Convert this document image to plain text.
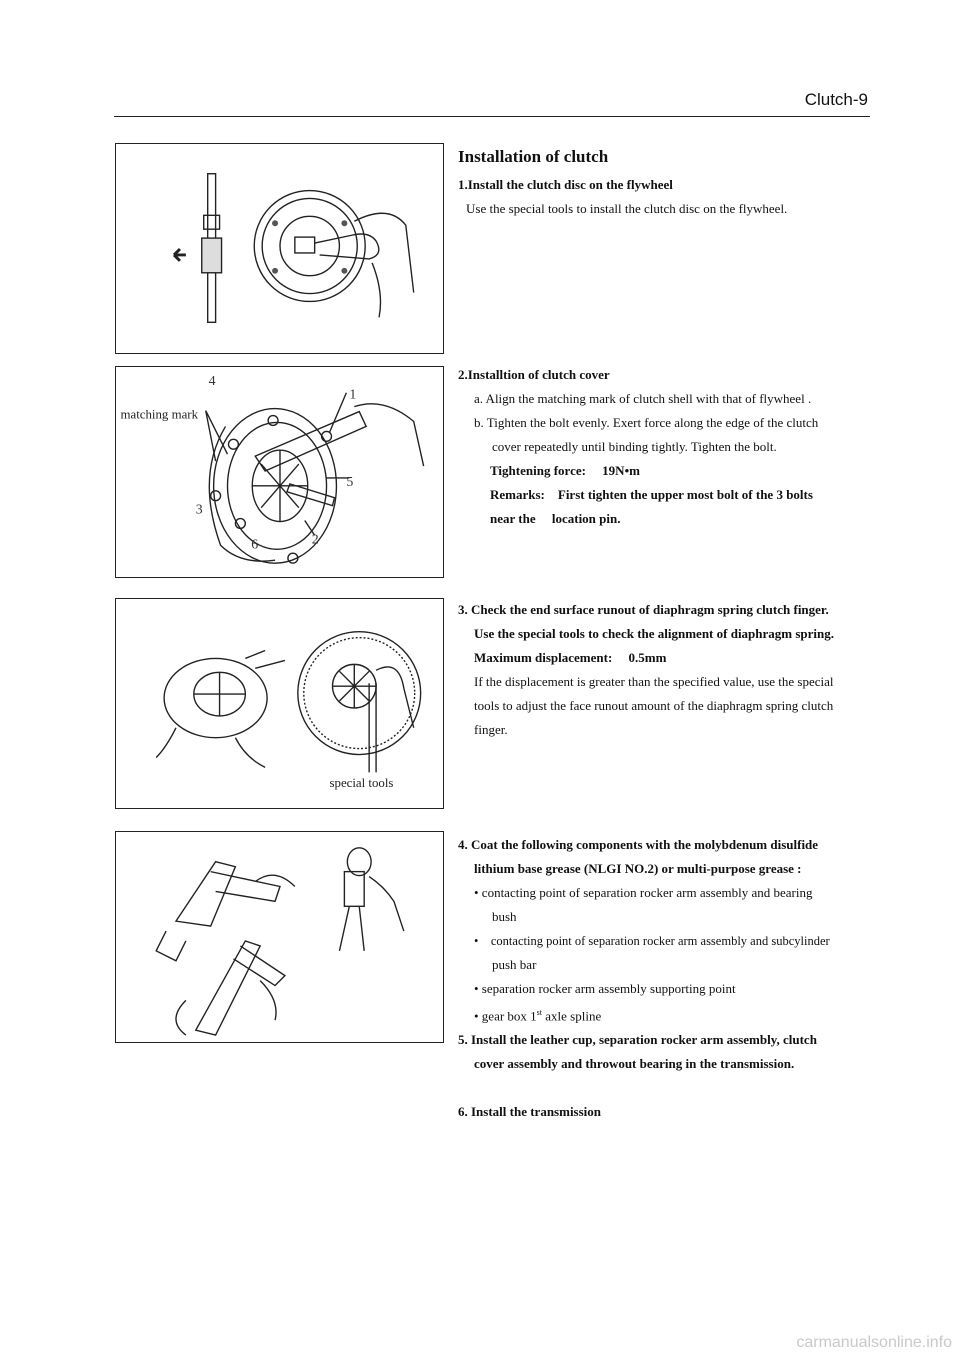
Clutch-9
Installation of clutch
1.Install the clutch disc on the flywheel
Use the special tools to install the clutch disc on the flywheel.
matching mark
1
2
3
4
5
6
2.Installtion of clutch cover
a. Align the matching mark of clutch shell with that of flywheel .
b. Tighten the bolt evenly. Exert force along the edge of the clutch
cover repeatedly until binding tightly. Tighten the bolt.
Tightening force:　 19N•m
Remarks:　First tighten the upper most bolt of the 3 bolts
near the 　location pin.
special tools
3. Check the end surface runout of diaphragm spring clutch finger.
Use the special tools to check the alignment of diaphragm spring.
Maximum displacement:　 0.5mm
If the displacement is greater than the specified value, use the special
tools to adjust the face runout amount of the diaphragm spring clutch
finger.
4. Coat the following components with the molybdenum disulfide
lithium base grease (NLGI NO.2) or multi-purpose grease :
• contacting point of separation rocker arm assembly and bearing
bush
•　contacting point of separation rocker arm assembly and subcylinder
push bar
• separation rocker arm assembly supporting point
• gear box 1st axle spline
5. Install the leather cup, separation rocker arm assembly, clutch
cover assembly and throwout bearing in the transmission.
6. Install the transmission
carmanualsonline.info
